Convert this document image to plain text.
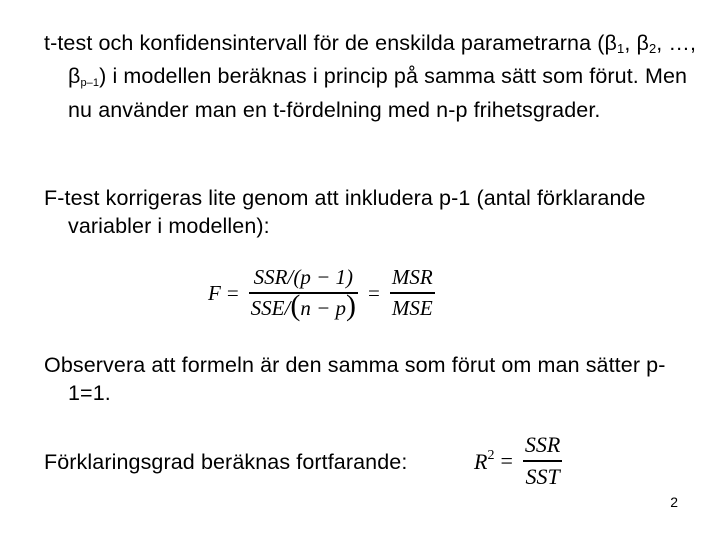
t-test och konfidensintervall för de enskilda parametrarna ($\beta_1$, $\beta_2$, …, βp–1) i modellen beräknas i princip på samma sätt som förut. Men nu använder man en t-fördelning med n-p frihetsgrader.
F-test korrigeras lite genom att inkludera p-1 (antal förklarande variabler i modellen):
$F = \frac{\text{SSR/(p − 1)}}{\text{SSE/(n − p)}} = \frac{\text{MSR}}{\text{MSE}}$
Observera att formeln är den samma som förut om man sätter p-1=1.
Förklaringsgrad beräknas fortfarande:	$R^2 = \frac{\text{SSR}}{\text{SST}}$
2
